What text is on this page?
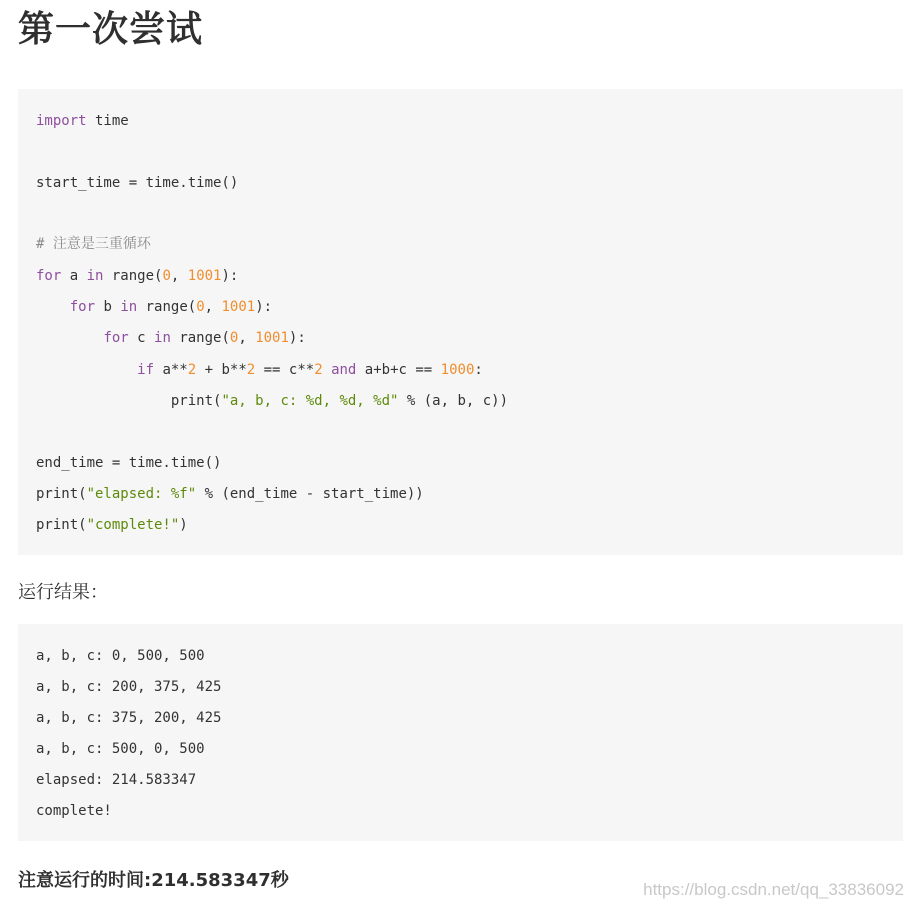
第一次尝试
import time
start_time = time.time()
# 注意是三重循环
for a in range(0, 1001):
for b in range(0, 1001):
for c in range(0, 1001):
if a**2 + b**2 == c**2 and a+b+c == 1000:
print("a, b, c: %d, %d, %d" % (a, b, c))
end_time = time.time()
print("elapsed: %f" % (end_time - start_time))
print("complete!")
运行结果：
a, b, c: 0, 500, 500
a, b, c: 200, 375, 425
a, b, c: 375, 200, 425
a, b, c: 500, 0, 500
elapsed: 214.583347
complete!
注意运行的时间:214.583347秒	https://blog.csdn.net/qq_33836092
